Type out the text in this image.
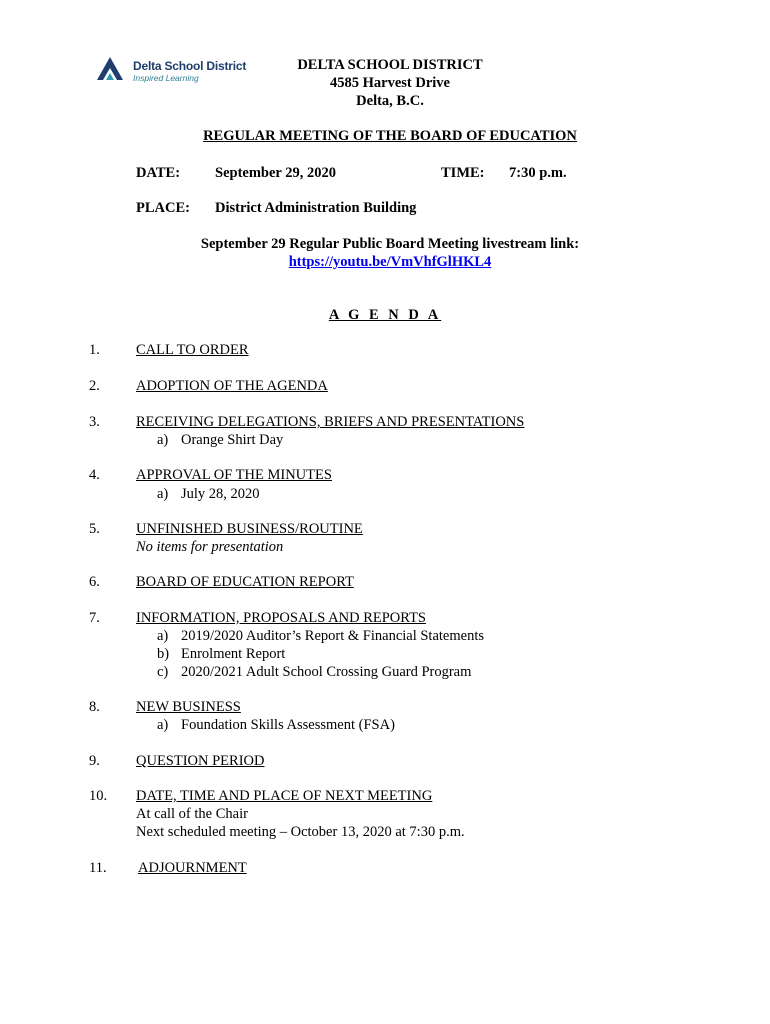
Delta School District
Inspired Learning
DELTA SCHOOL DISTRICT
4585 Harvest Drive
Delta, B.C.
REGULAR MEETING OF THE BOARD OF EDUCATION
DATE: September 29, 2020	TIME: 7:30 p.m.
PLACE: District Administration Building
September 29 Regular Public Board Meeting livestream link:
https://youtu.be/VmVhfGlHKL4
A G E N D A
1. CALL TO ORDER
2. ADOPTION OF THE AGENDA
3. RECEIVING DELEGATIONS, BRIEFS AND PRESENTATIONS
a) Orange Shirt Day
4. APPROVAL OF THE MINUTES
a) July 28, 2020
5. UNFINISHED BUSINESS/ROUTINE
No items for presentation
6. BOARD OF EDUCATION REPORT
7. INFORMATION, PROPOSALS AND REPORTS
a) 2019/2020 Auditor’s Report & Financial Statements
b) Enrolment Report
c) 2020/2021 Adult School Crossing Guard Program
8. NEW BUSINESS
a) Foundation Skills Assessment (FSA)
9. QUESTION PERIOD
10. DATE, TIME AND PLACE OF NEXT MEETING
At call of the Chair
Next scheduled meeting – October 13, 2020 at 7:30 p.m.
11. ADJOURNMENT
